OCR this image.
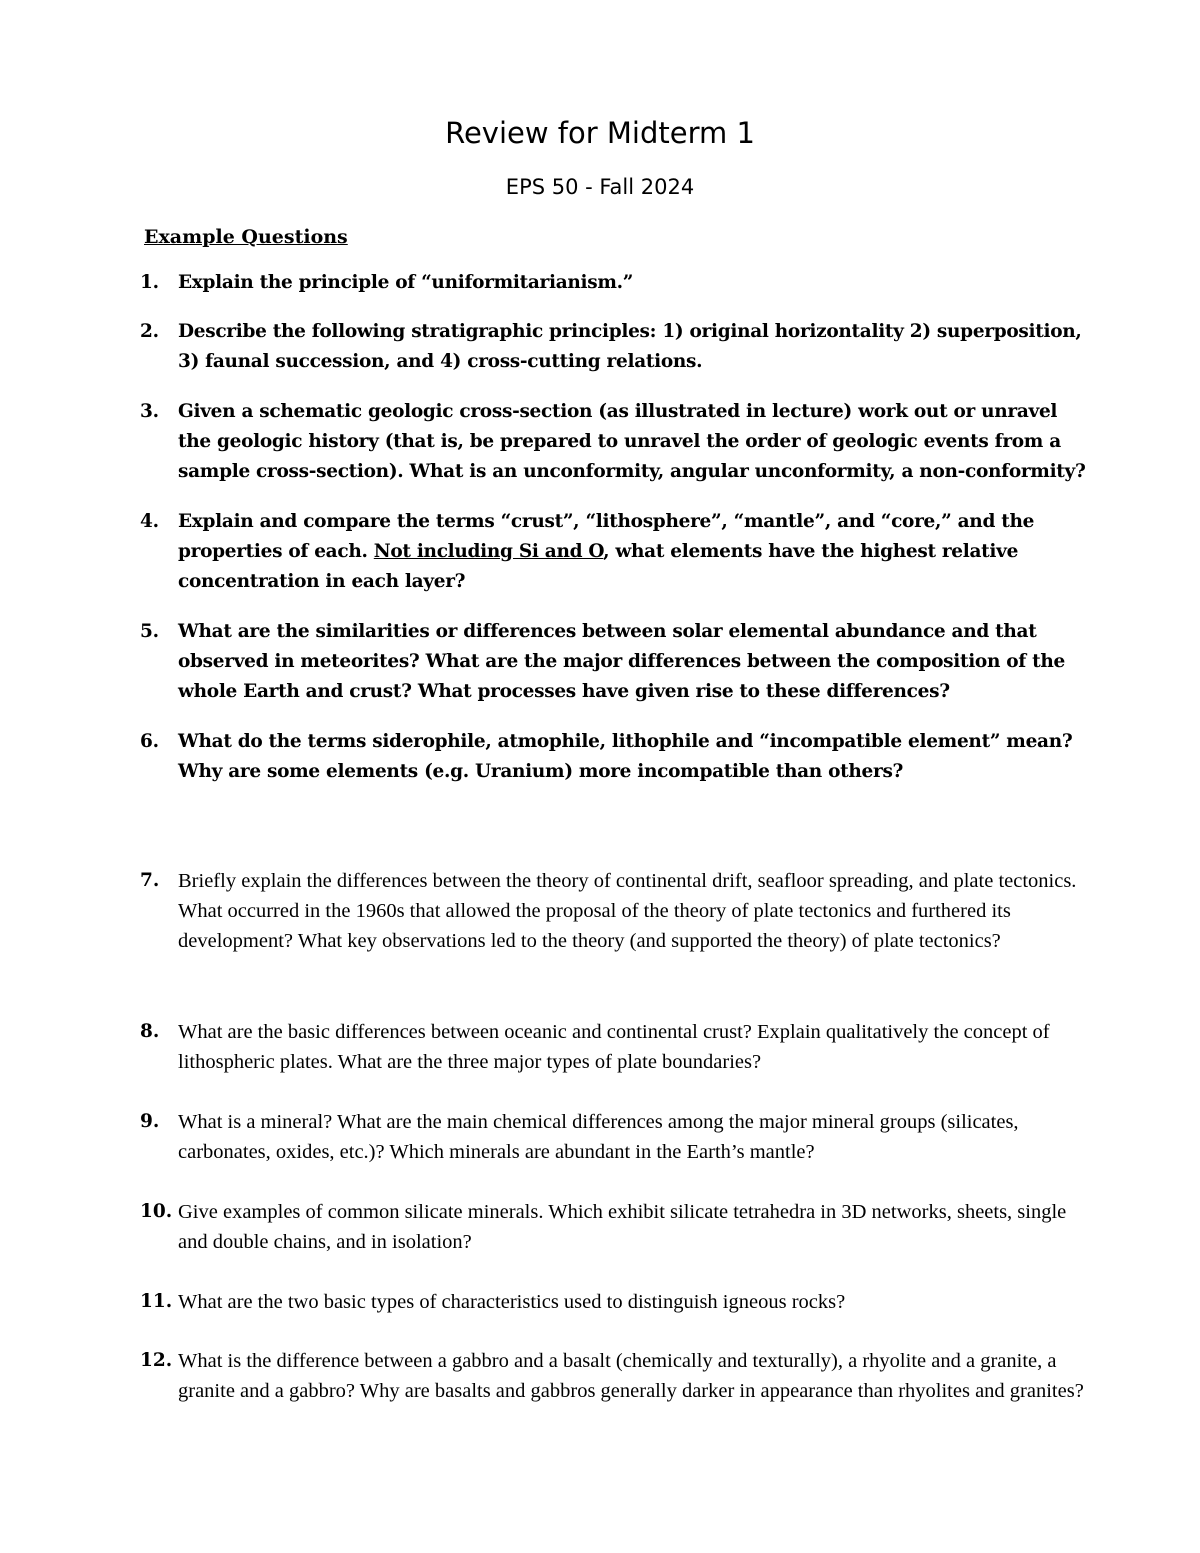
Review for Midterm 1
EPS 50 - Fall 2024
Example Questions
1.	Explain the principle of “uniformitarianism.”
2.	Describe the following stratigraphic principles: 1) original horizontality 2) superposition, 3) faunal succession, and 4) cross-cutting relations.
3.	Given a schematic geologic cross-section (as illustrated in lecture) work out or unravel the geologic history (that is, be prepared to unravel the order of geologic events from a sample cross-section). What is an unconformity, angular unconformity, a non-conformity?
4.	Explain and compare the terms “crust”, “lithosphere”, “mantle”, and “core,” and the properties of each. Not including Si and O, what elements have the highest relative concentration in each layer?
5.	What are the similarities or differences between solar elemental abundance and that observed in meteorites? What are the major differences between the composition of the whole Earth and crust? What processes have given rise to these differences?
6.	What do the terms siderophile, atmophile, lithophile and “incompatible element” mean? Why are some elements (e.g. Uranium) more incompatible than others?
7. Briefly explain the differences between the theory of continental drift, seafloor spreading, and plate tectonics. What occurred in the 1960s that allowed the proposal of the theory of plate tectonics and furthered its development? What key observations led to the theory (and supported the theory) of plate tectonics?
8. What are the basic differences between oceanic and continental crust? Explain qualitatively the concept of lithospheric plates. What are the three major types of plate boundaries?
9. What is a mineral? What are the main chemical differences among the major mineral groups (silicates, carbonates, oxides, etc.)? Which minerals are abundant in the Earth’s mantle?
10. Give examples of common silicate minerals. Which exhibit silicate tetrahedra in 3D networks, sheets, single and double chains, and in isolation?
11. What are the two basic types of characteristics used to distinguish igneous rocks?
12. What is the difference between a gabbro and a basalt (chemically and texturally), a rhyolite and a granite, a granite and a gabbro? Why are basalts and gabbros generally darker in appearance than rhyolites and granites?
